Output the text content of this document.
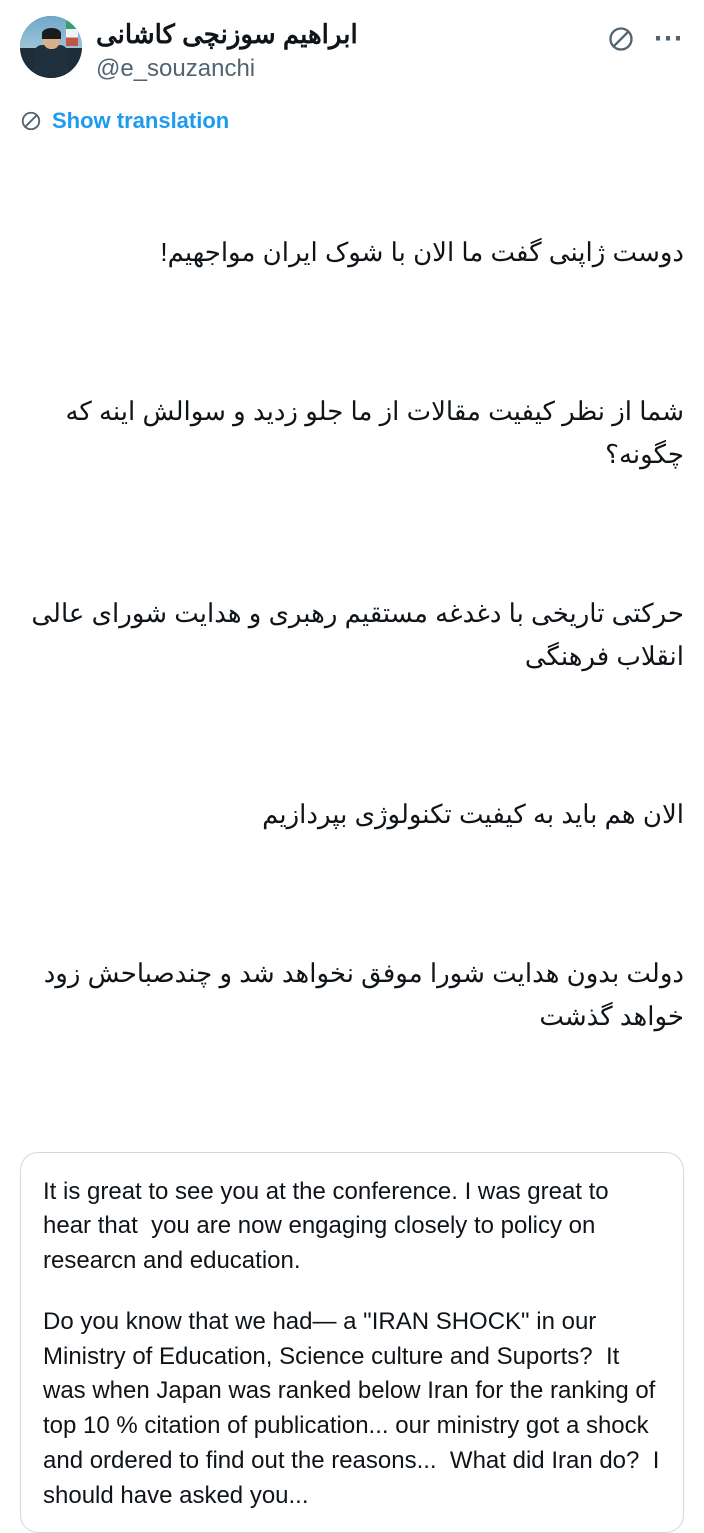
ابراهیم سوزنچی کاشانی
@e_souzanchi
⋯
Show translation

دوست ژاپنی گفت ما الان با شوک ایران مواجهیم!

شما از نظر کیفیت مقالات از ما جلو زدید و سوالش اینه که چگونه؟

حرکتی تاریخی با دغدغه مستقیم رهبری و هدایت شورای عالی انقلاب فرهنگی

الان هم باید به کیفیت تکنولوژی بپردازیم

دولت بدون هدایت شورا موفق نخواهد شد و چندصباحش زود خواهد گذشت

It is great to see you at the conference. I was great to hear that  you are now engaging closely to policy on researcn and education.

Do you know that we had— a "IRAN SHOCK" in our Ministry of Education, Science culture and Suports?  It was when Japan was ranked below Iran for the ranking of   top 10 % citation of publication... our ministry got a shock and ordered to find out the reasons...  What did Iran do?  I should have asked you...
